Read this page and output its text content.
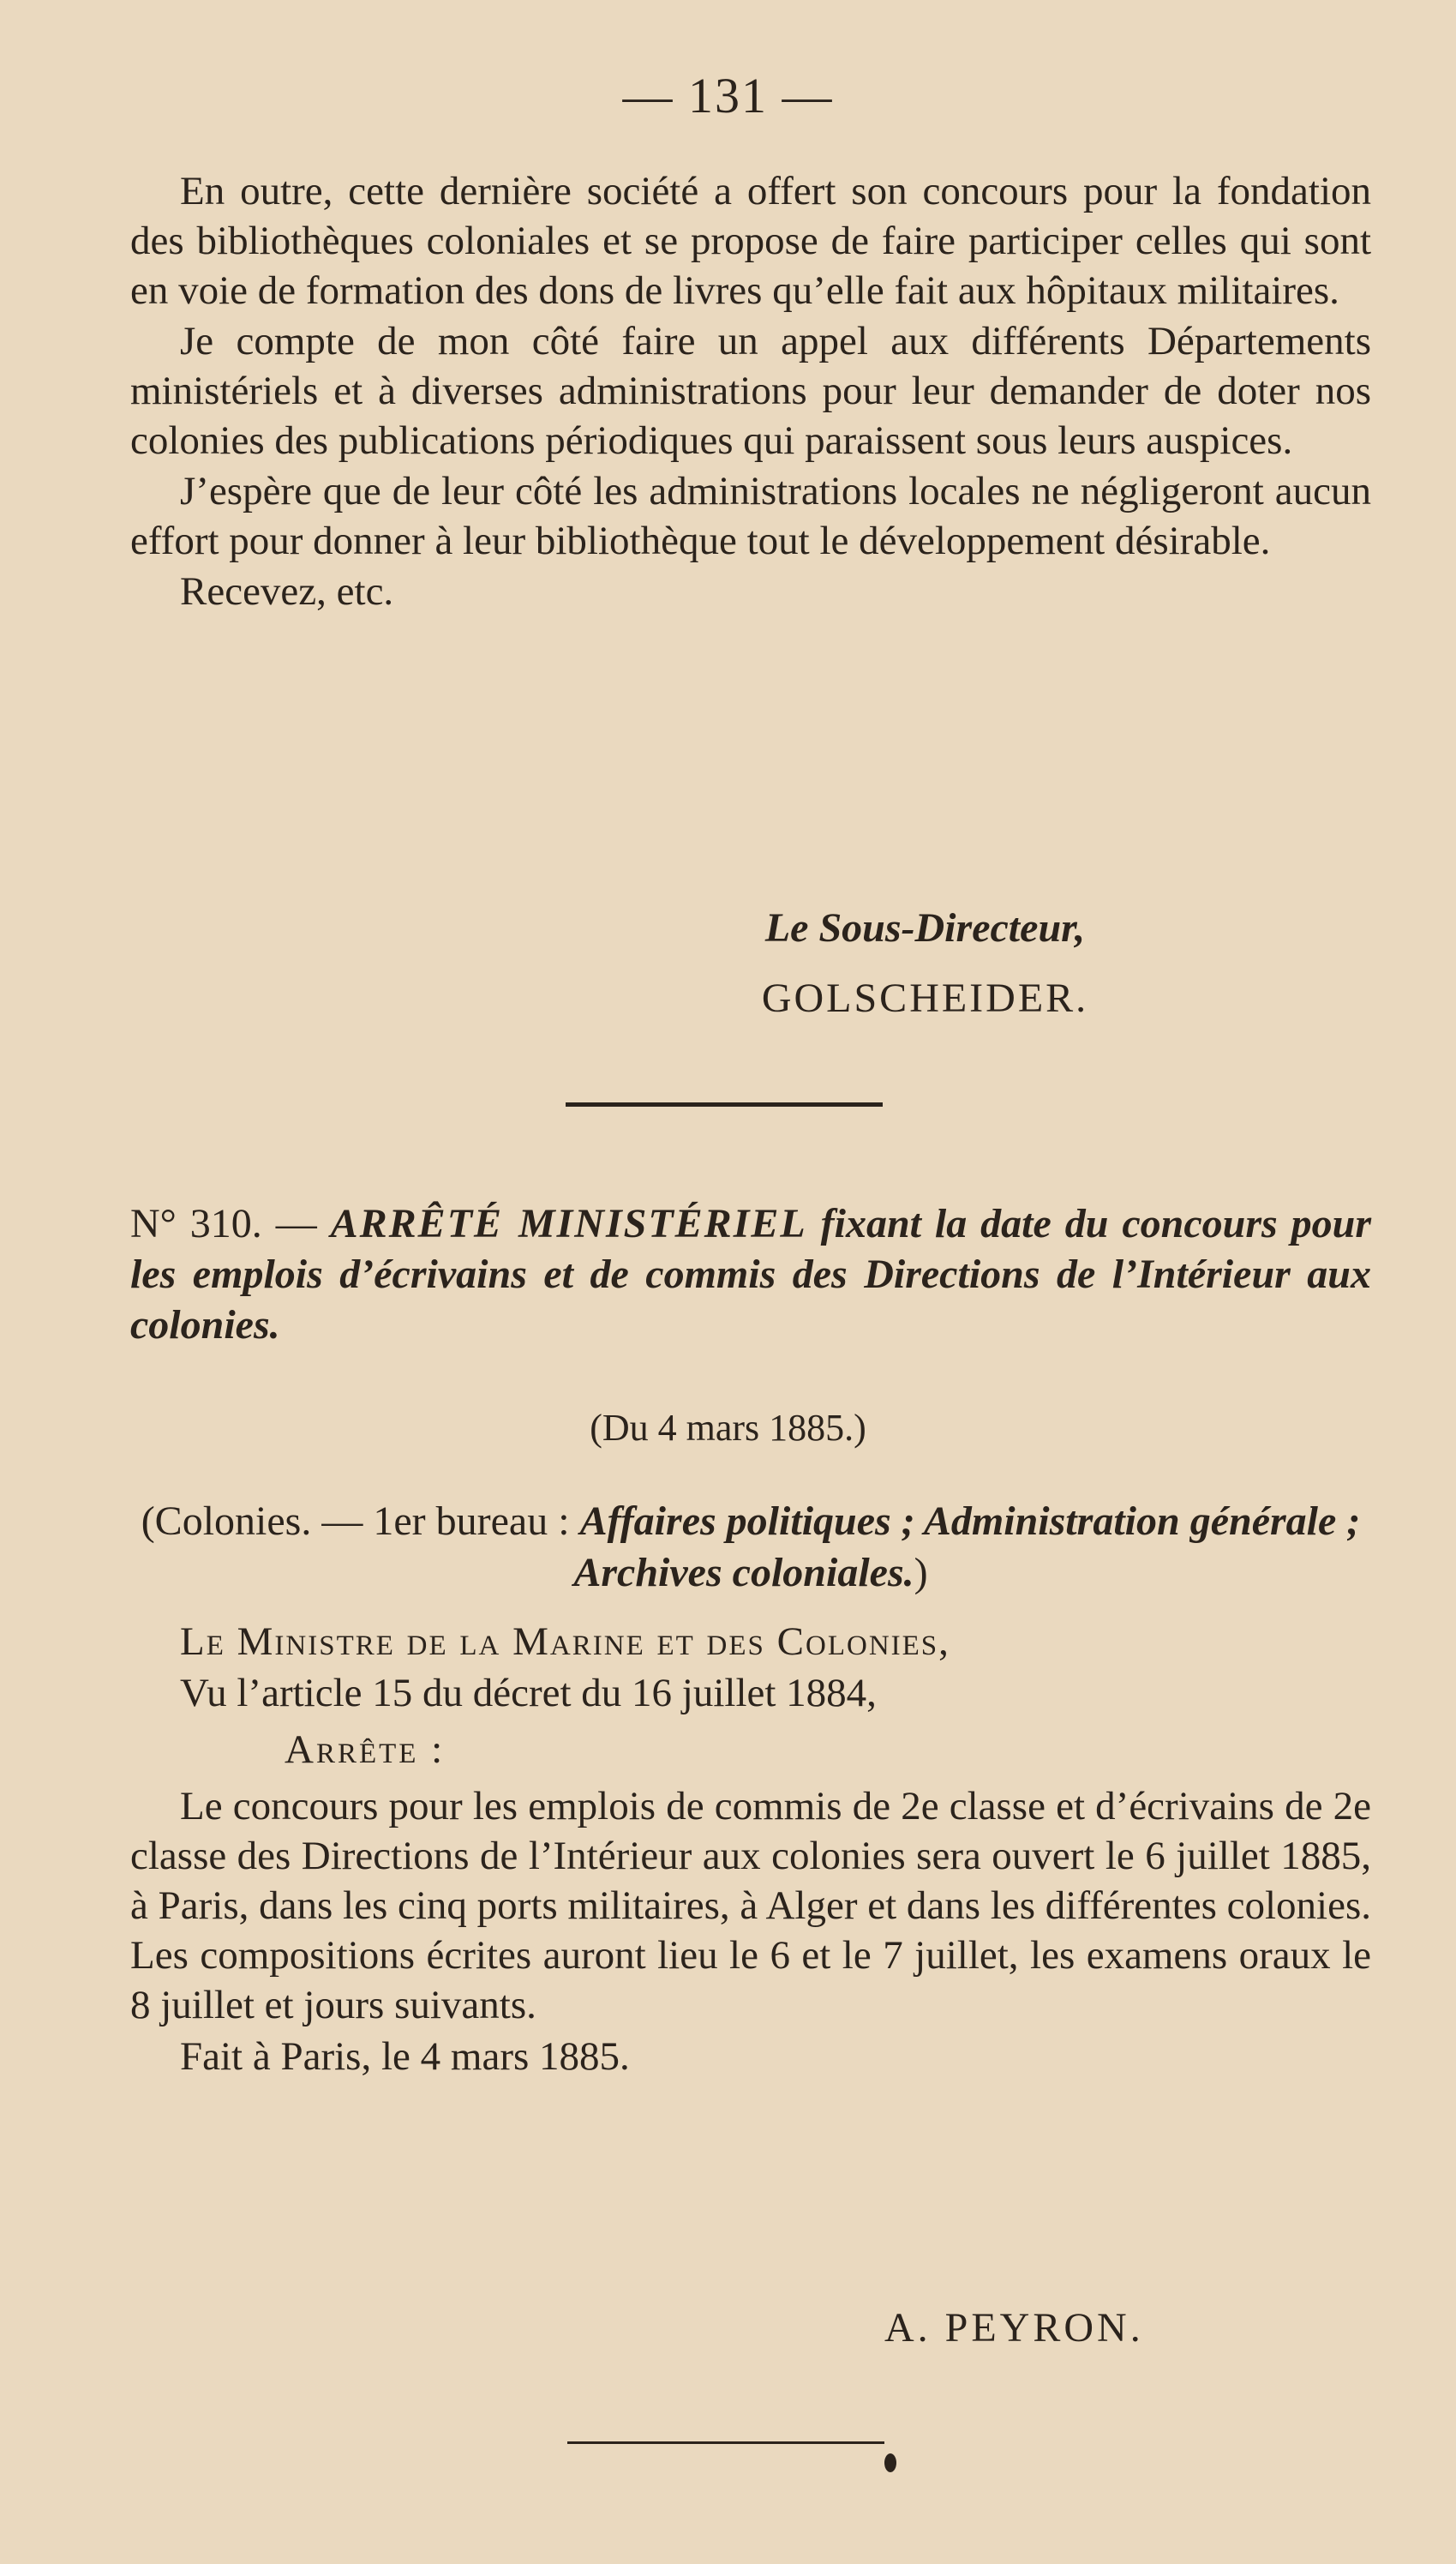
— 131 —

En outre, cette dernière société a offert son concours pour la fondation des bibliothèques coloniales et se propose de faire participer celles qui sont en voie de formation des dons de livres qu’elle fait aux hôpitaux militaires.

Je compte de mon côté faire un appel aux différents Départements ministériels et à diverses administrations pour leur demander de doter nos colonies des publications périodiques qui paraissent sous leurs auspices.

J’espère que de leur côté les administrations locales ne négligeront aucun effort pour donner à leur bibliothèque tout le développement désirable.

Recevez, etc.

Le Sous-Directeur,
GOLSCHEIDER.
N° 310. — ARRÊTÉ MINISTÉRIEL fixant la date du concours pour les emplois d’écrivains et de commis des Directions de l’Intérieur aux colonies.
(Du 4 mars 1885.)
(Colonies. — 1er bureau : Affaires politiques ; Administration générale ; Archives coloniales.)

Le Ministre de la Marine et des Colonies,

Vu l’article 15 du décret du 16 juillet 1884,

Arrête :

Le concours pour les emplois de commis de 2e classe et d’écrivains de 2e classe des Directions de l’Intérieur aux colonies sera ouvert le 6 juillet 1885, à Paris, dans les cinq ports militaires, à Alger et dans les différentes colonies. Les compositions écrites auront lieu le 6 et le 7 juillet, les examens oraux le 8 juillet et jours suivants.

Fait à Paris, le 4 mars 1885.

A. PEYRON.
